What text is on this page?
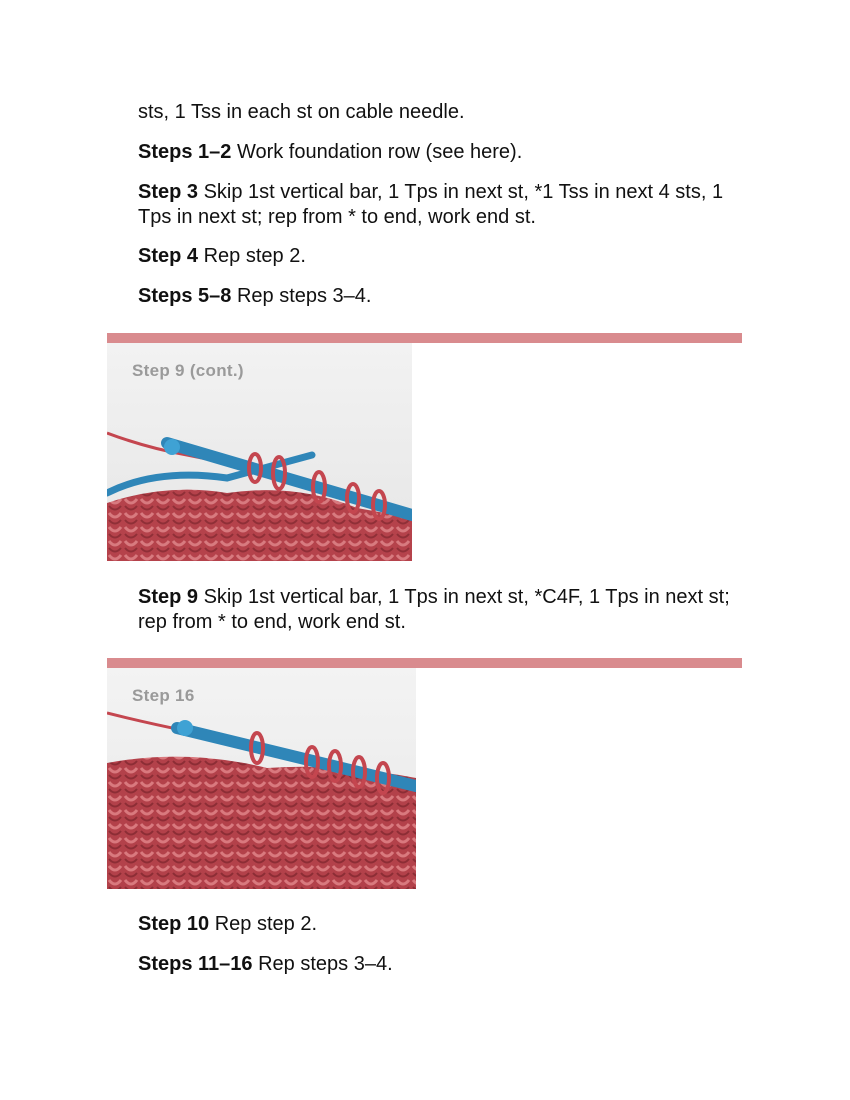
sts, 1 Tss in each st on cable needle.

Steps 1–2 Work foundation row (see here).

Step 3 Skip 1st vertical bar, 1 Tps in next st, *1 Tss in next 4 sts, 1 Tps in next st; rep from * to end, work end st.

Step 4 Rep step 2.

Steps 5–8 Rep steps 3–4.

Step 9 (cont.)

Step 9 Skip 1st vertical bar, 1 Tps in next st, *C4F, 1 Tps in next st; rep from * to end, work end st.

Step 16

Step 10 Rep step 2.

Steps 11–16 Rep steps 3–4.
